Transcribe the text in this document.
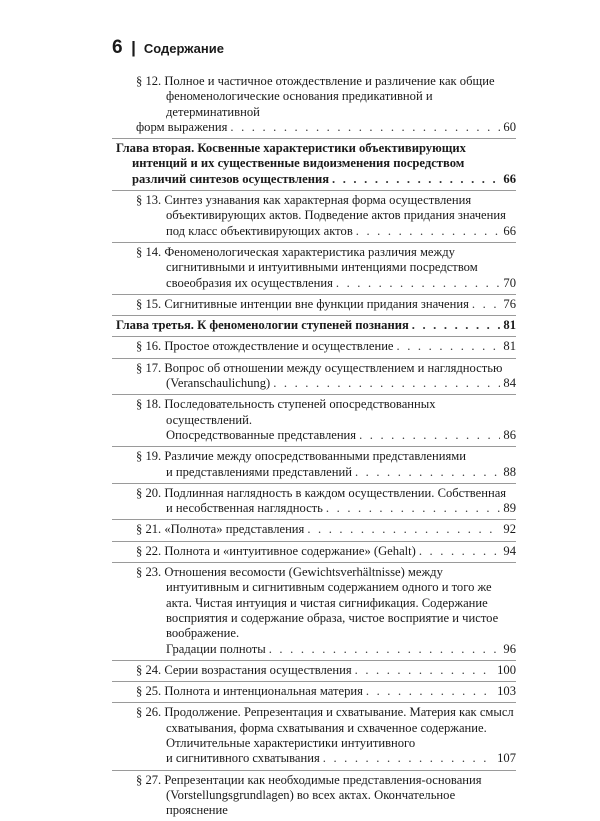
6 | Содержание
§ 12. Полное и частичное отождествление и различение как общие феноменологические основания предикативной и детерминативной
форм выражения . . .	60
Глава вторая. Косвенные характеристики объективирующих интенций и их существенные видоизменения посредством
различий синтезов осуществления . . .	66
§ 13. Синтез узнавания как характерная форма осуществления объективирующих актов. Подведение актов придания значения
под класс объективирующих актов . . .	66
§ 14. Феноменологическая характеристика различия между сигнитивными и интуитивными интенциями посредством
своеобразия их осуществления . . .	70
§ 15. Сигнитивные интенции вне функции придания значения . . .	76
Глава третья. К феноменологии ступеней познания . . .	81
§ 16. Простое отождествление и осуществление . . .	81
§ 17. Вопрос об отношении между осуществлением и наглядностью
(Veranschaulichung) . . .	84
§ 18. Последовательность ступеней опосредствованных осуществлений.
Опосредствованные представления . . .	86
§ 19. Различие между опосредствованными представлениями
и представлениями представлений . . .	88
§ 20. Подлинная наглядность в каждом осуществлении. Собственная
и несобственная наглядность . . .	89
§ 21. «Полнота» представления . . .	92
§ 22. Полнота и «интуитивное содержание» (Gehalt) . . .	94
§ 23. Отношения весомости (Gewichtsverhältnisse) между интуитивным и сигнитивным содержанием одного и того же акта. Чистая интуиция и чистая сигнификация. Содержание восприятия и содержание образа, чистое восприятие и чистое воображение.
Градации полноты . . .	96
§ 24. Серии возрастания осуществления . . .	100
§ 25. Полнота и интенциональная материя . . .	103
§ 26. Продолжение. Репрезентация и схватывание. Материя как смысл схватывания, форма схватывания и схваченное содержание. Отличительные характеристики интуитивного
и сигнитивного схватывания . . .	107
§ 27. Репрезентации как необходимые представления-основания (Vorstellungsgrundlagen) во всех актах. Окончательное прояснение
